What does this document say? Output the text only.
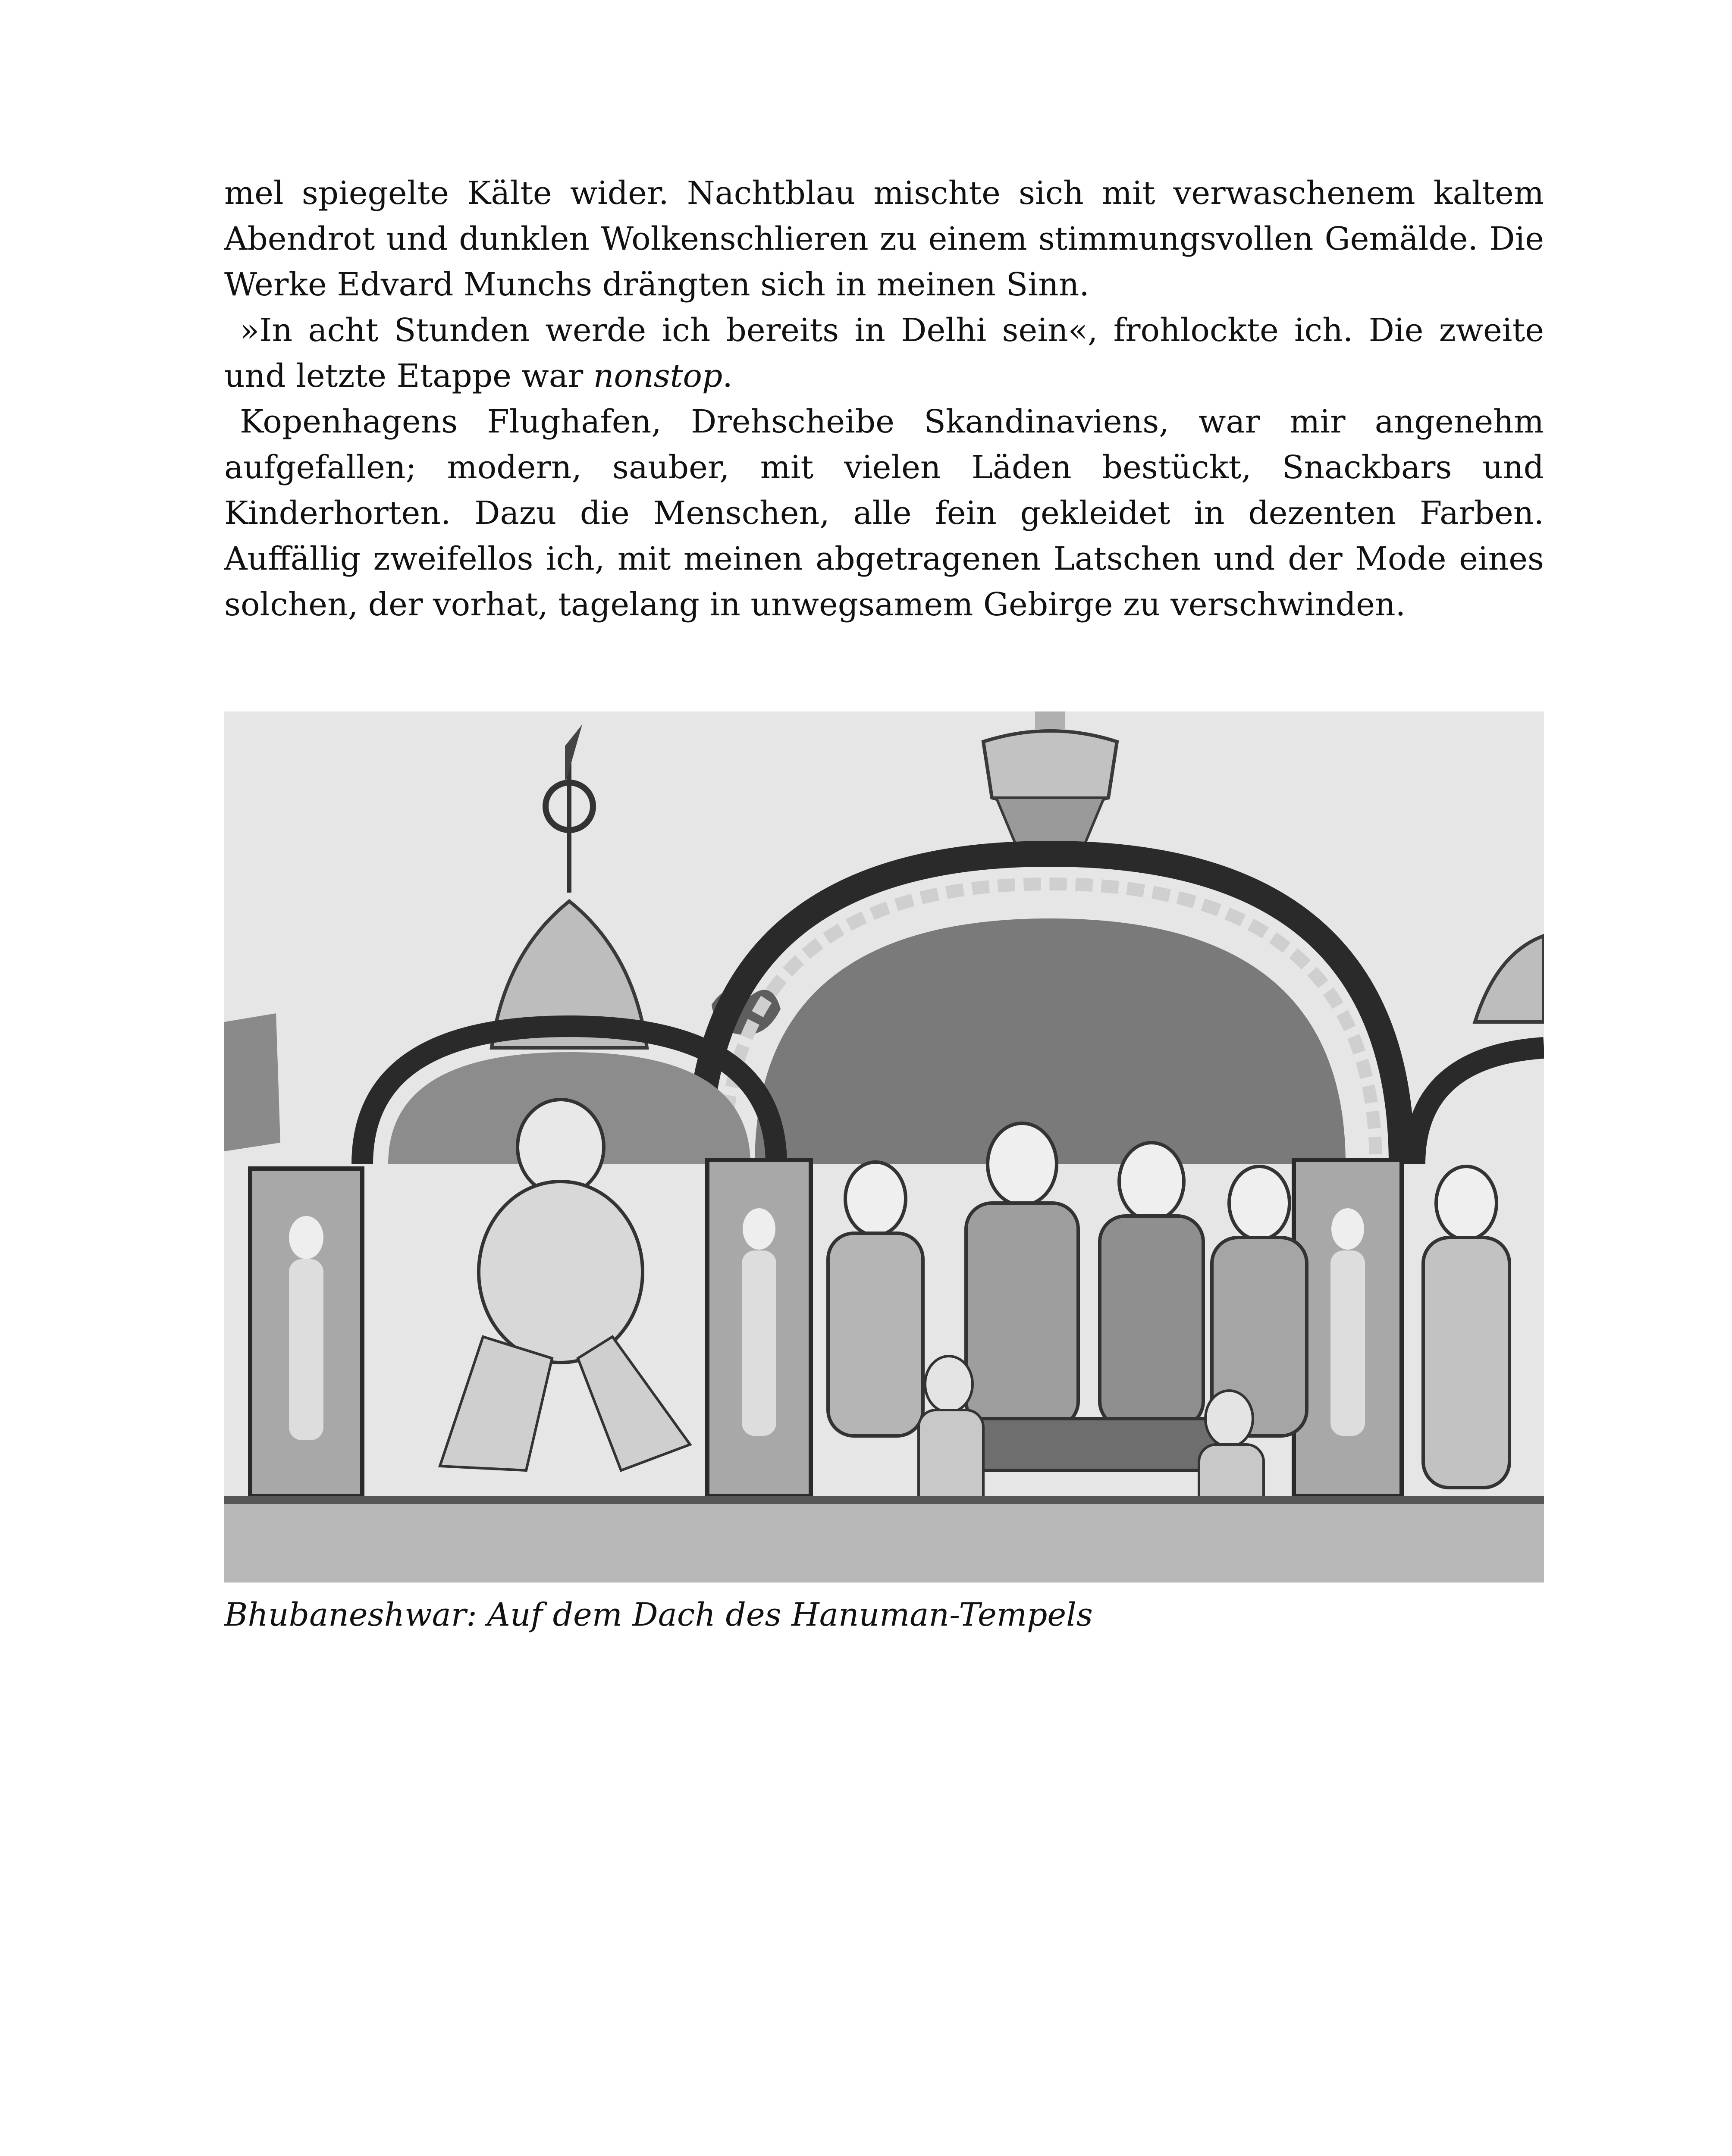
mel spiegelte Kälte wider. Nachtblau mischte sich mit verwaschenem kaltem Abendrot und dunklen Wolkenschlieren zu einem stimmungsvollen Gemälde. Die Werke Edvard Munchs drängten sich in meinen Sinn.

»In acht Stunden werde ich bereits in Delhi sein«, frohlockte ich. Die zweite und letzte Etappe war nonstop.

Kopenhagens Flughafen, Drehscheibe Skandinaviens, war mir angenehm aufgefallen; modern, sauber, mit vielen Läden bestückt, Snackbars und Kinderhorten. Dazu die Menschen, alle fein gekleidet in dezenten Farben. Auffällig zweifellos ich, mit meinen abgetragenen Latschen und der Mode eines solchen, der vorhat, tagelang in unwegsamem Gebirge zu verschwinden.

Bhubaneshwar: Auf dem Dach des Hanuman-Tempels
